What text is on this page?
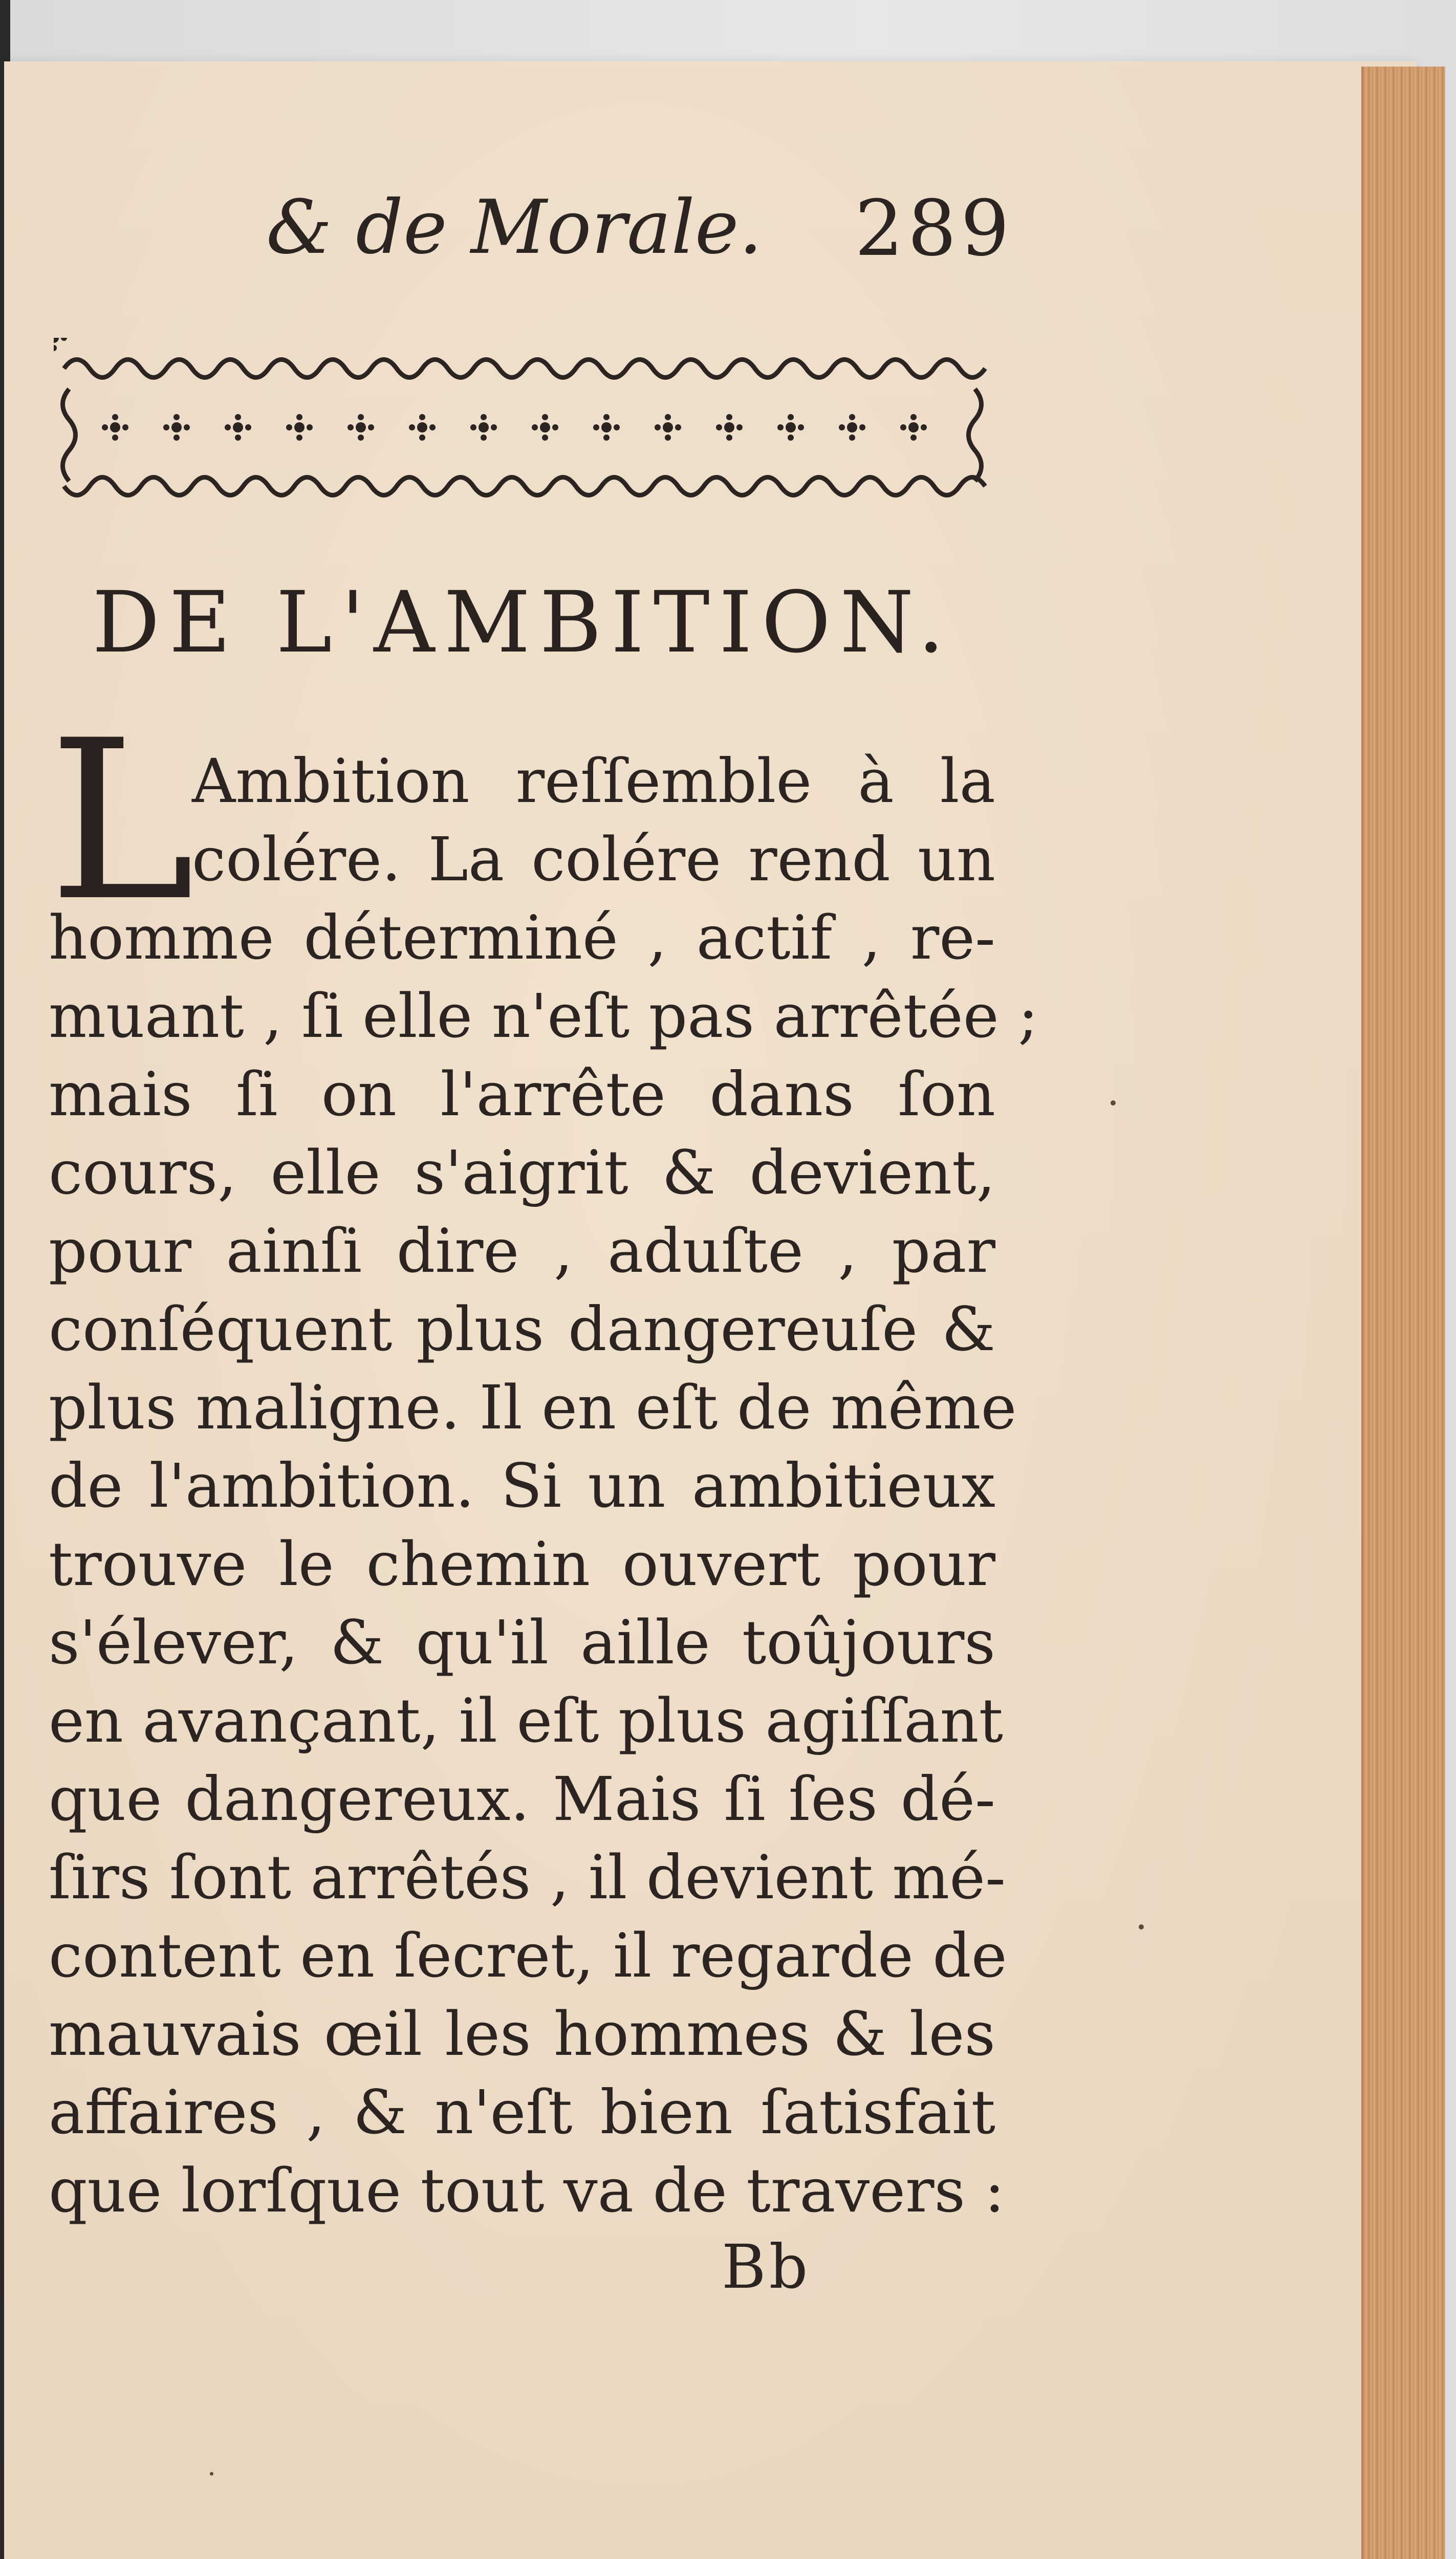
& de Morale.	289
DE L'AMBITION.
L
Ambition reſſemble à la
colére. La colére rend un
homme déterminé , actif , re-
muant , ſi elle n'eſt pas arrêtée ;
mais ſi on l'arrête dans ſon
cours, elle s'aigrit & devient,
pour ainſi dire , aduſte , par
conſéquent plus dangereuſe &
plus maligne. Il en eſt de même
de l'ambition. Si un ambitieux
trouve le chemin ouvert pour
s'élever, & qu'il aille toûjours
en avançant, il eſt plus agiſſant
que dangereux. Mais ſi ſes dé-
ſirs ſont arrêtés , il devient mé-
content en ſecret, il regarde de
mauvais œil les hommes & les
affaires , & n'eſt bien ſatisfait
que lorſque tout va de travers :
Bb
